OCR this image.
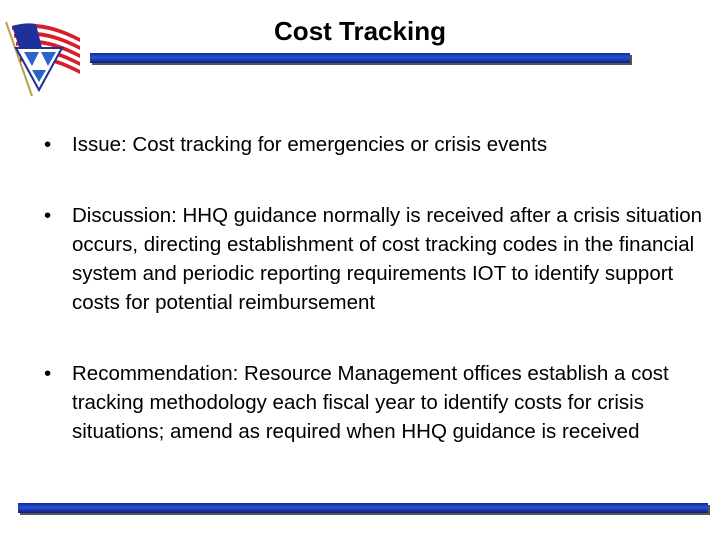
Cost Tracking
• Issue: Cost tracking for emergencies or crisis events
• Discussion: HHQ guidance normally is received after a crisis situation occurs, directing establishment of cost tracking codes in the financial system and periodic reporting requirements IOT to identify support costs for potential reimbursement
• Recommendation: Resource Management offices establish a cost tracking methodology each fiscal year to identify costs for crisis situations; amend as required when HHQ guidance is received
